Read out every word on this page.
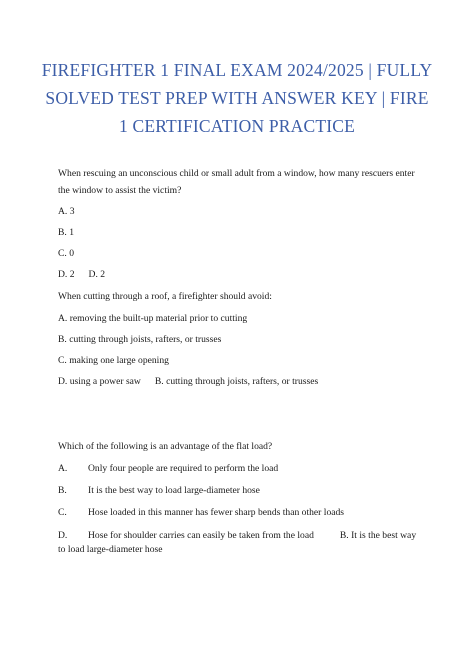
FIREFIGHTER 1 FINAL EXAM 2024/2025 | FULLY SOLVED TEST PREP WITH ANSWER KEY | FIRE 1 CERTIFICATION PRACTICE
When rescuing an unconscious child or small adult from a window, how many rescuers enter the window to assist the victim?
A. 3
B. 1
C. 0
D. 2 D. 2
When cutting through a roof, a firefighter should avoid:
A. removing the built-up material prior to cutting
B. cutting through joists, rafters, or trusses
C. making one large opening
D. using a power saw B. cutting through joists, rafters, or trusses
Which of the following is an advantage of the flat load?
A. Only four people are required to perform the load
B. It is the best way to load large-diameter hose
C. Hose loaded in this manner has fewer sharp bends than other loads
D. Hose for shoulder carries can easily be taken from the load	B. It is the best way to load large-diameter hose
